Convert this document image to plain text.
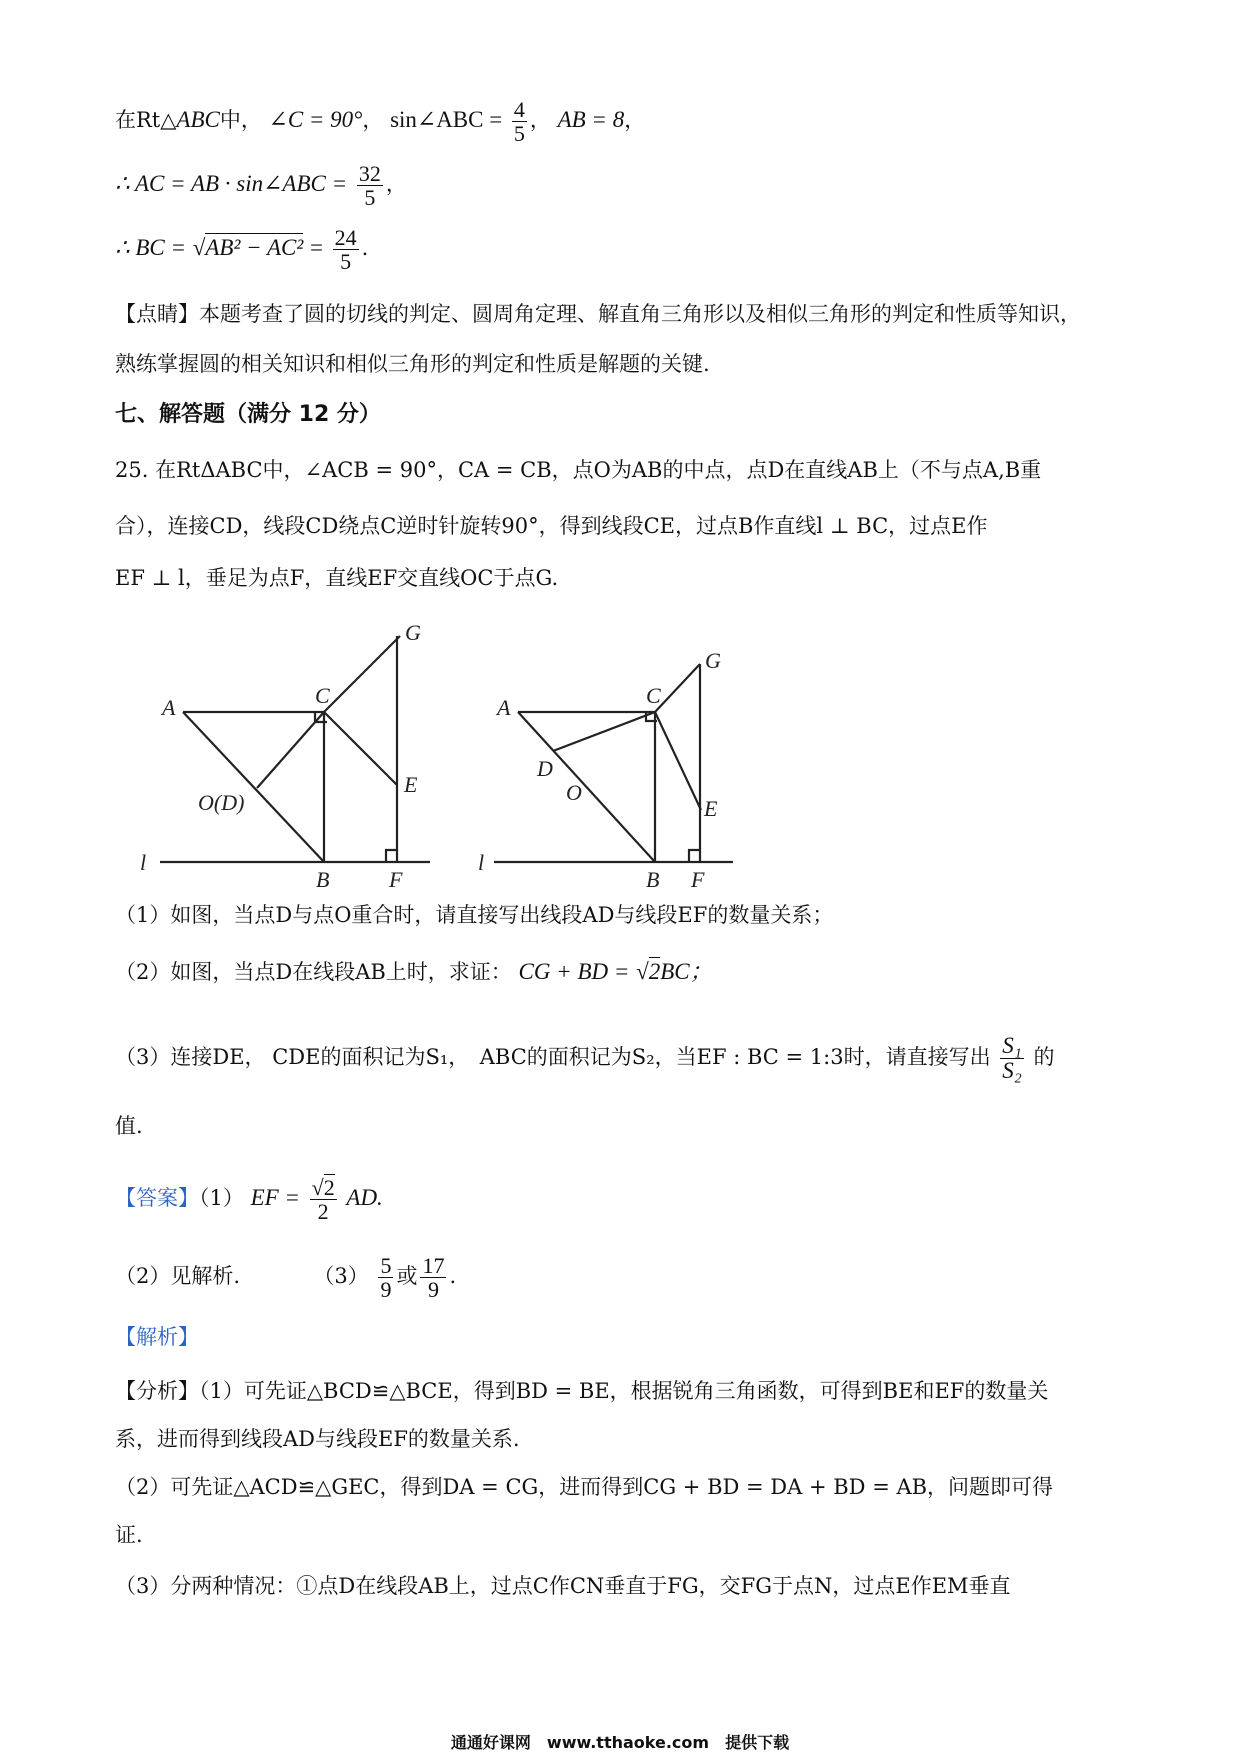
在Rt△ABC中， ∠C = 90°， sin∠ABC = $\frac{4}{5}$ ， AB = 8，
∴ AC = AB · sin∠ABC = $\frac{32}{5}$ ，
∴ BC = $√AB^2 - AC^2 = \frac{24}{5}$ .
【点睛】本题考查了圆的切线的判定、圆周角定理、解直角三角形以及相似三角形的判定和性质等知识，
熟练掌握圆的相关知识和相似三角形的判定和性质是解题的关键.
七、解答题（满分 12 分）
25. 在RtΔABC中，∠ACB = 90°，CA = CB，点O为AB的中点，点D在直线AB上（不与点A,B重
合），连接CD，线段CD绕点C逆时针旋转90°，得到线段CE，过点B作直线l ⊥ BC，过点E作
EF ⊥ l，垂足为点F，直线EF交直线OC于点G.
A	C
G
O(D)
E
l
B	F
A	C
G
D
O
E
l
B F
（1）如图，当点D与点O重合时，请直接写出线段AD与线段EF的数量关系；
（2）如图，当点D在线段AB上时，求证： CG + BD = √2BC；
（3）连接DE， CDE的面积记为S₁，　ABC的面积记为S₂，当EF : BC = 1:3时，请直接写出 $\frac{\text{S₁}}{\text{S₂}}$ 的
值.
【答案】（1） EF = $\frac{√2}{2}$ AD.
（2）见解析.	$(3) \frac{5}{9}$ 或 $\frac{17}{9}$ .
【解析】
【分析】（1）可先证△BCD≌△BCE，得到BD = BE，根据锐角三角函数，可得到BE和EF的数量关
系，进而得到线段AD与线段EF的数量关系.
（2）可先证△ACD≌△GEC，得到DA = CG，进而得到CG + BD = DA + BD = AB，问题即可得
证.
（3）分两种情况：①点D在线段AB上，过点C作CN垂直于FG，交FG于点N，过点E作EM垂直
通通好课网　www.tthaoke.com　提供下载
